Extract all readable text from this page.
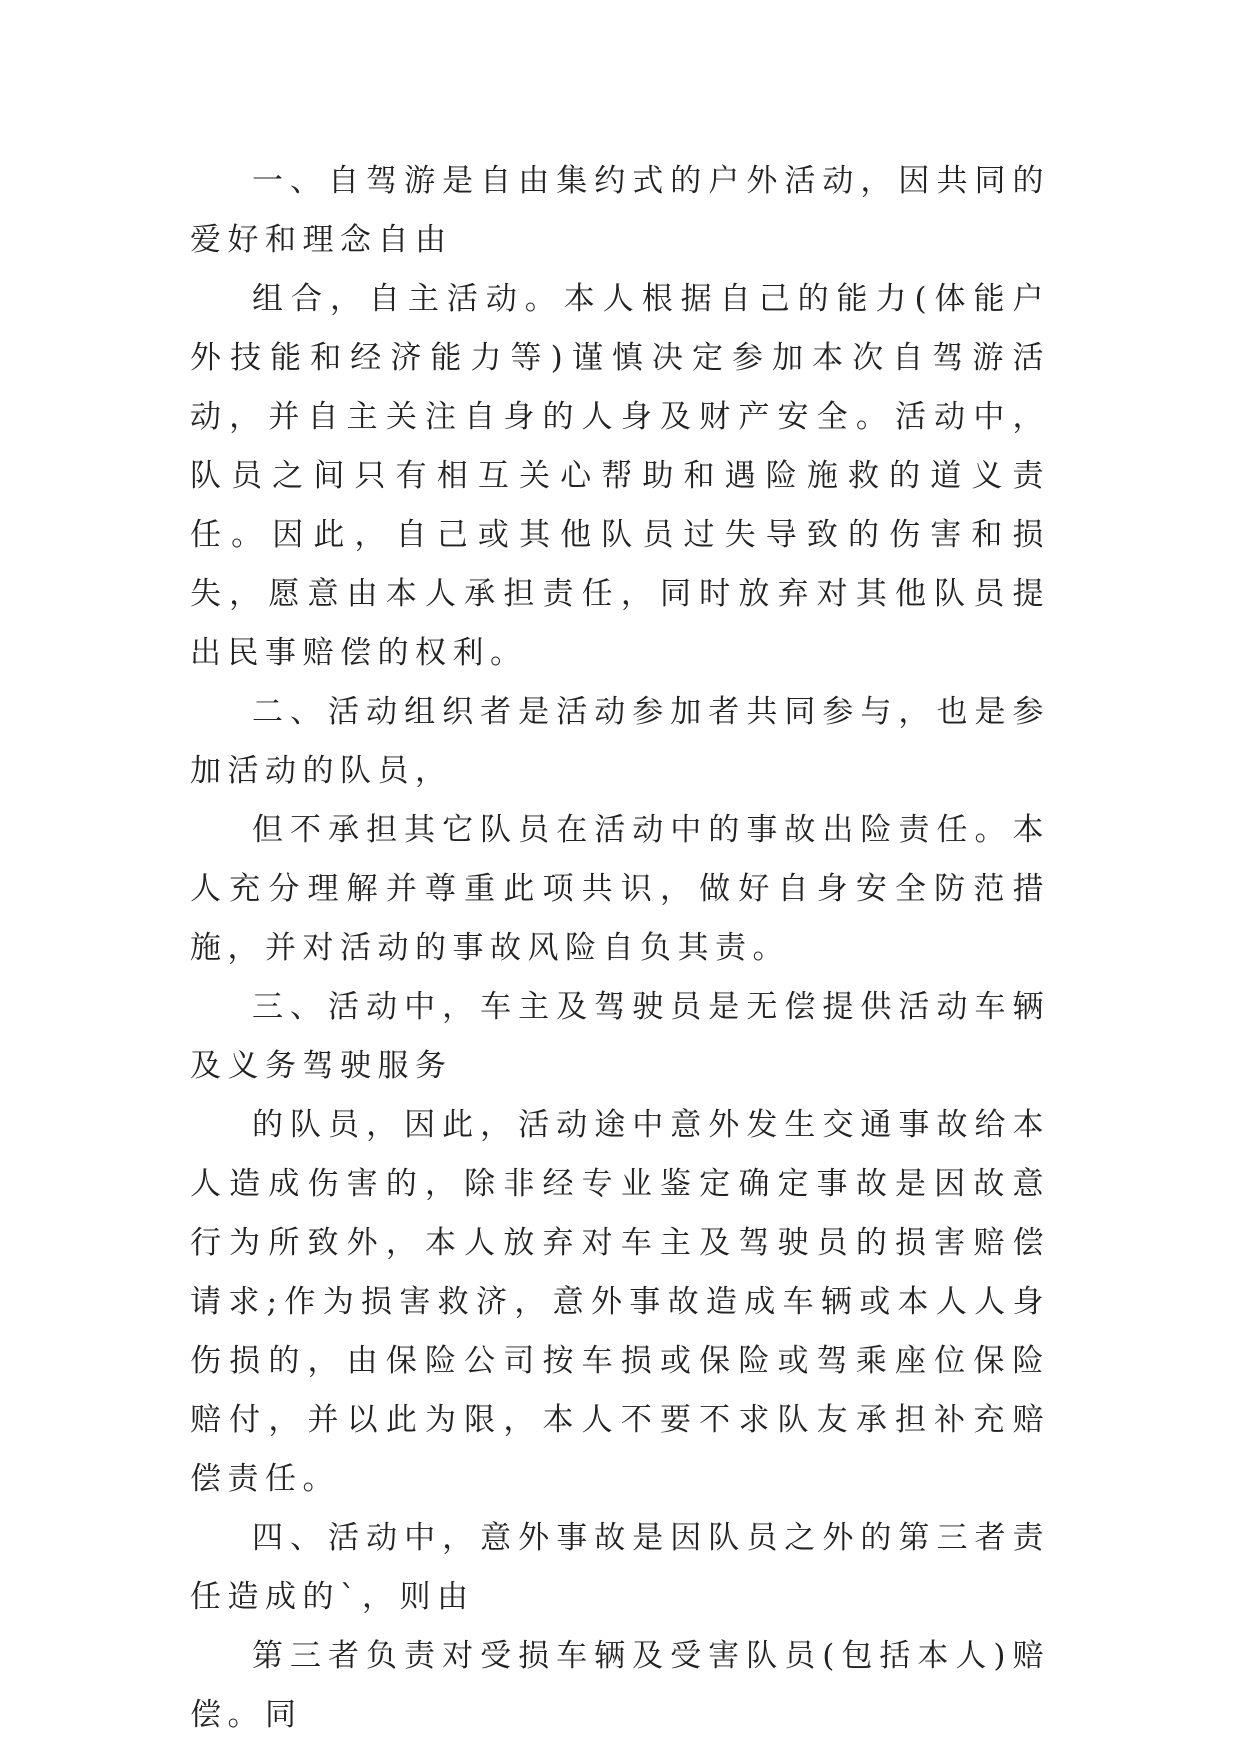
一、自驾游是自由集约式的户外活动，因共同的爱好和理念自由

组合，自主活动。本人根据自己的能力(体能户外技能和经济能力等)谨慎决定参加本次自驾游活动，并自主关注自身的人身及财产安全。活动中，队员之间只有相互关心帮助和遇险施救的道义责任。因此，自己或其他队员过失导致的伤害和损失，愿意由本人承担责任，同时放弃对其他队员提出民事赔偿的权利。

二、活动组织者是活动参加者共同参与，也是参加活动的队员，

但不承担其它队员在活动中的事故出险责任。本人充分理解并尊重此项共识，做好自身安全防范措施，并对活动的事故风险自负其责。

三、活动中，车主及驾驶员是无偿提供活动车辆及义务驾驶服务

的队员，因此，活动途中意外发生交通事故给本人造成伤害的，除非经专业鉴定确定事故是因故意行为所致外，本人放弃对车主及驾驶员的损害赔偿请求;作为损害救济，意外事故造成车辆或本人人身伤损的，由保险公司按车损或保险或驾乘座位保险赔付，并以此为限，本人不要不求队友承担补充赔偿责任。

四、活动中，意外事故是因队员之外的第三者责任造成的`，则由

第三者负责对受损车辆及受害队员(包括本人)赔偿。同
